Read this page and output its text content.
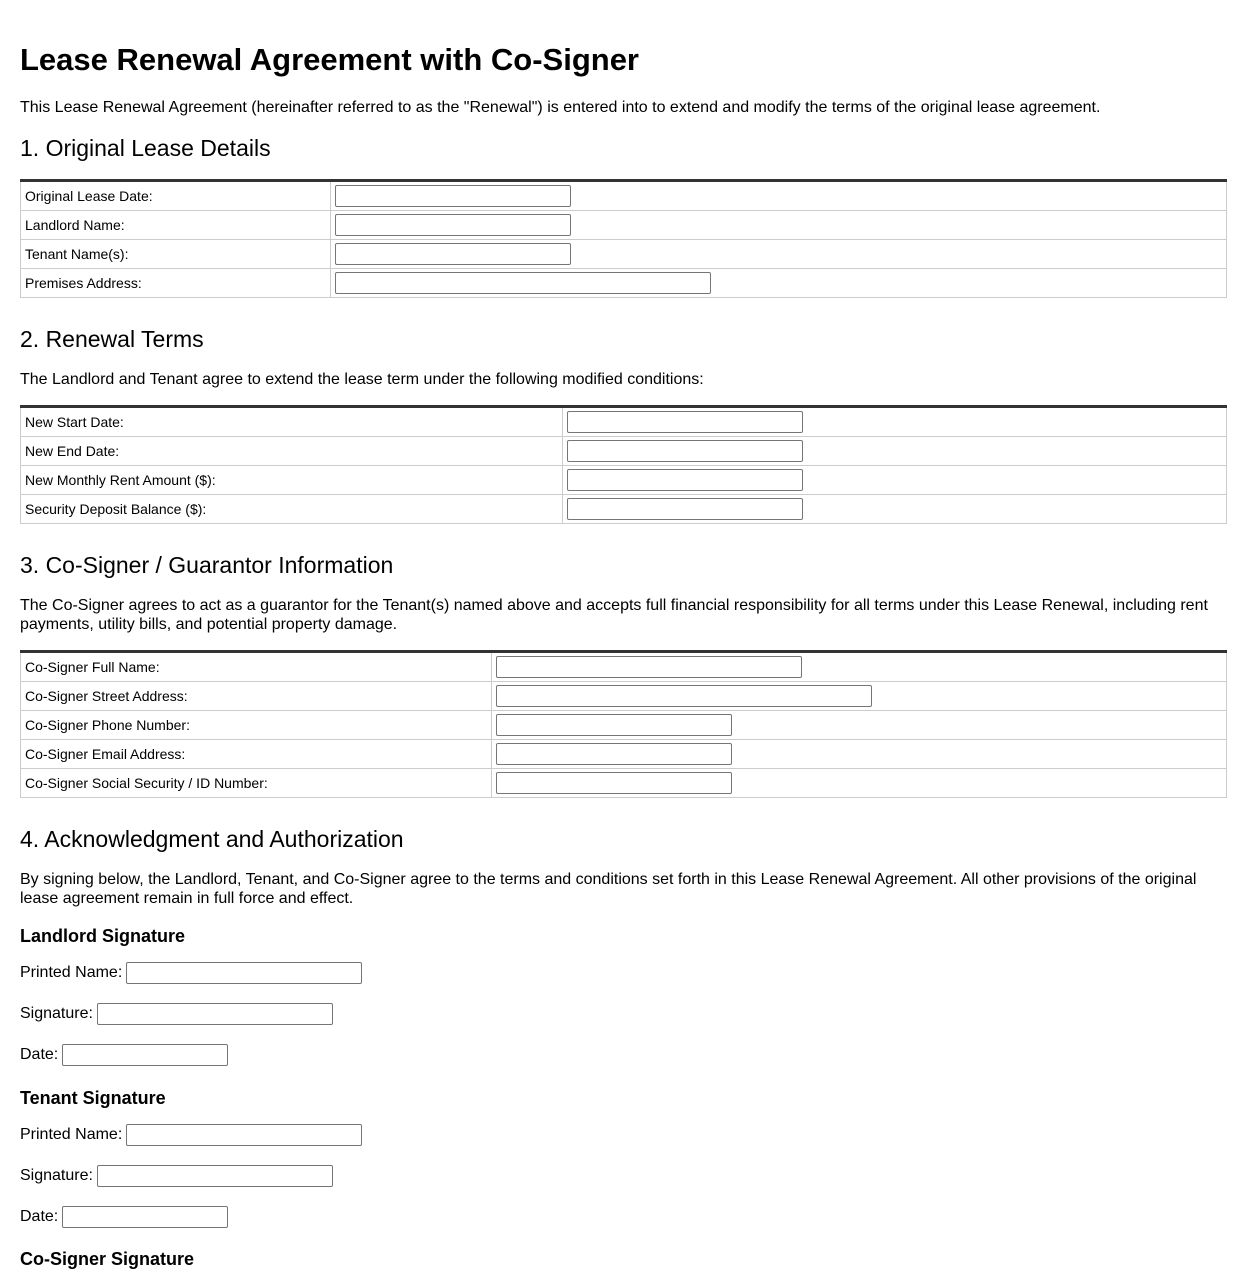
Lease Renewal Agreement with Co-Signer

This Lease Renewal Agreement (hereinafter referred to as the "Renewal") is entered into to extend and modify the terms of the original lease agreement.

1. Original Lease Details
Original Lease Date:	
Landlord Name:	
Tenant Name(s):	
Premises Address:	
2. Renewal Terms

The Landlord and Tenant agree to extend the lease term under the following modified conditions:

New Start Date:	
New End Date:	
New Monthly Rent Amount ($):	
Security Deposit Balance ($):	
3. Co-Signer / Guarantor Information

The Co-Signer agrees to act as a guarantor for the Tenant(s) named above and accepts full financial responsibility for all terms under this Lease Renewal, including rent payments, utility bills, and potential property damage.

Co-Signer Full Name:	
Co-Signer Street Address:	
Co-Signer Phone Number:	
Co-Signer Email Address:	
Co-Signer Social Security / ID Number:	
4. Acknowledgment and Authorization

By signing below, the Landlord, Tenant, and Co-Signer agree to the terms and conditions set forth in this Lease Renewal Agreement. All other provisions of the original lease agreement remain in full force and effect.

Landlord Signature
Printed Name:
Signature:
Date:
Tenant Signature
Printed Name:
Signature:
Date:
Co-Signer Signature
